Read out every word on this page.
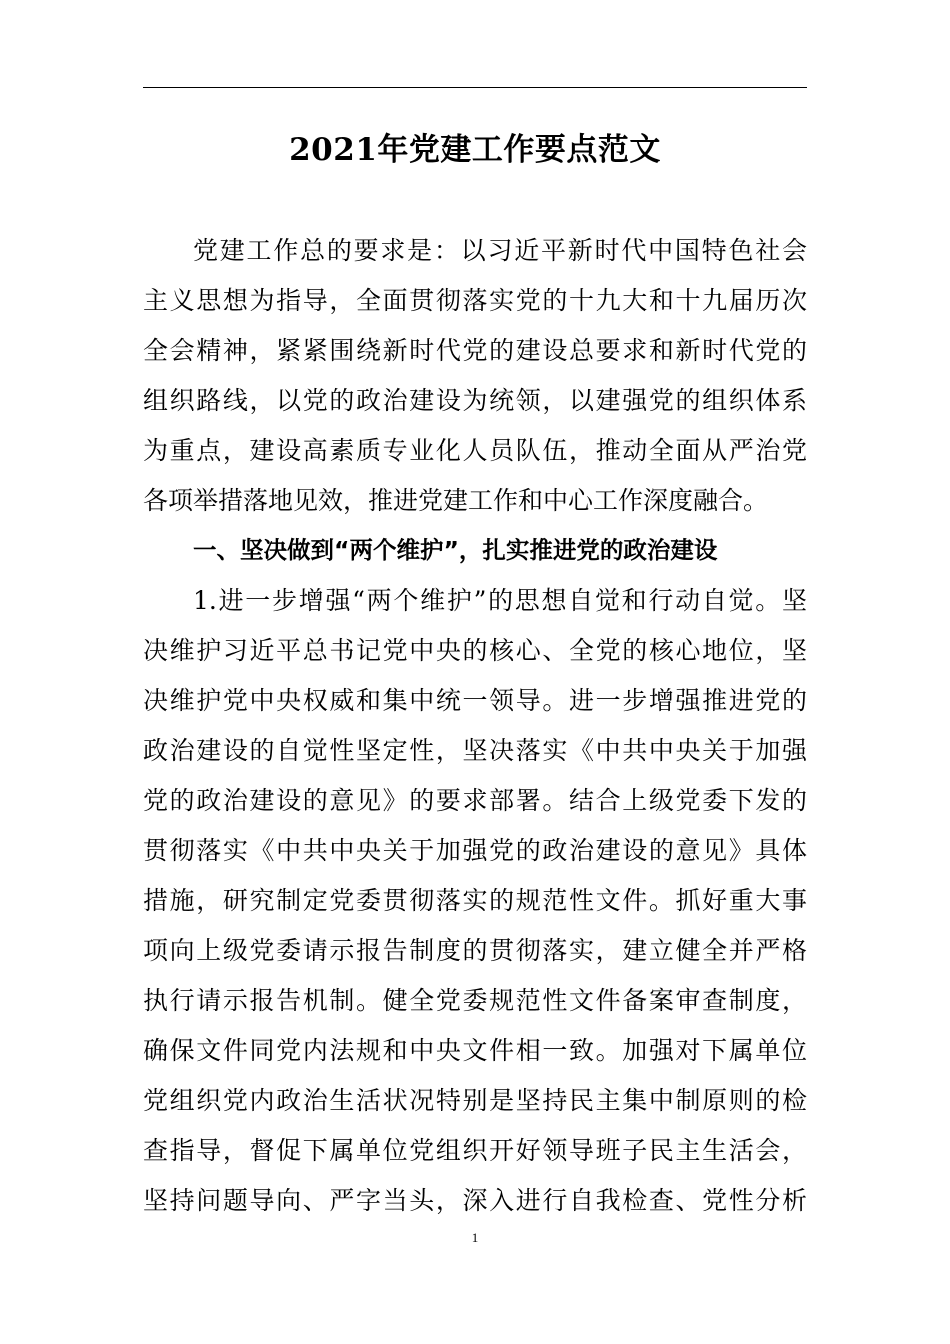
2021年党建工作要点范文
党建工作总的要求是：以习近平新时代中国特色社会
主义思想为指导，全面贯彻落实党的十九大和十九届历次
全会精神，紧紧围绕新时代党的建设总要求和新时代党的
组织路线，以党的政治建设为统领，以建强党的组织体系
为重点，建设高素质专业化人员队伍，推动全面从严治党
各项举措落地见效，推进党建工作和中心工作深度融合。
一、坚决做到“两个维护”，扎实推进党的政治建设
1.进一步增强“两个维护”的思想自觉和行动自觉。坚
决维护习近平总书记党中央的核心、全党的核心地位，坚
决维护党中央权威和集中统一领导。进一步增强推进党的
政治建设的自觉性坚定性，坚决落实《中共中央关于加强
党的政治建设的意见》的要求部署。结合上级党委下发的
贯彻落实《中共中央关于加强党的政治建设的意见》具体
措施，研究制定党委贯彻落实的规范性文件。抓好重大事
项向上级党委请示报告制度的贯彻落实，建立健全并严格
执行请示报告机制。健全党委规范性文件备案审查制度，
确保文件同党内法规和中央文件相一致。加强对下属单位
党组织党内政治生活状况特别是坚持民主集中制原则的检
查指导，督促下属单位党组织开好领导班子民主生活会，
坚持问题导向、严字当头，深入进行自我检查、党性分析
1
